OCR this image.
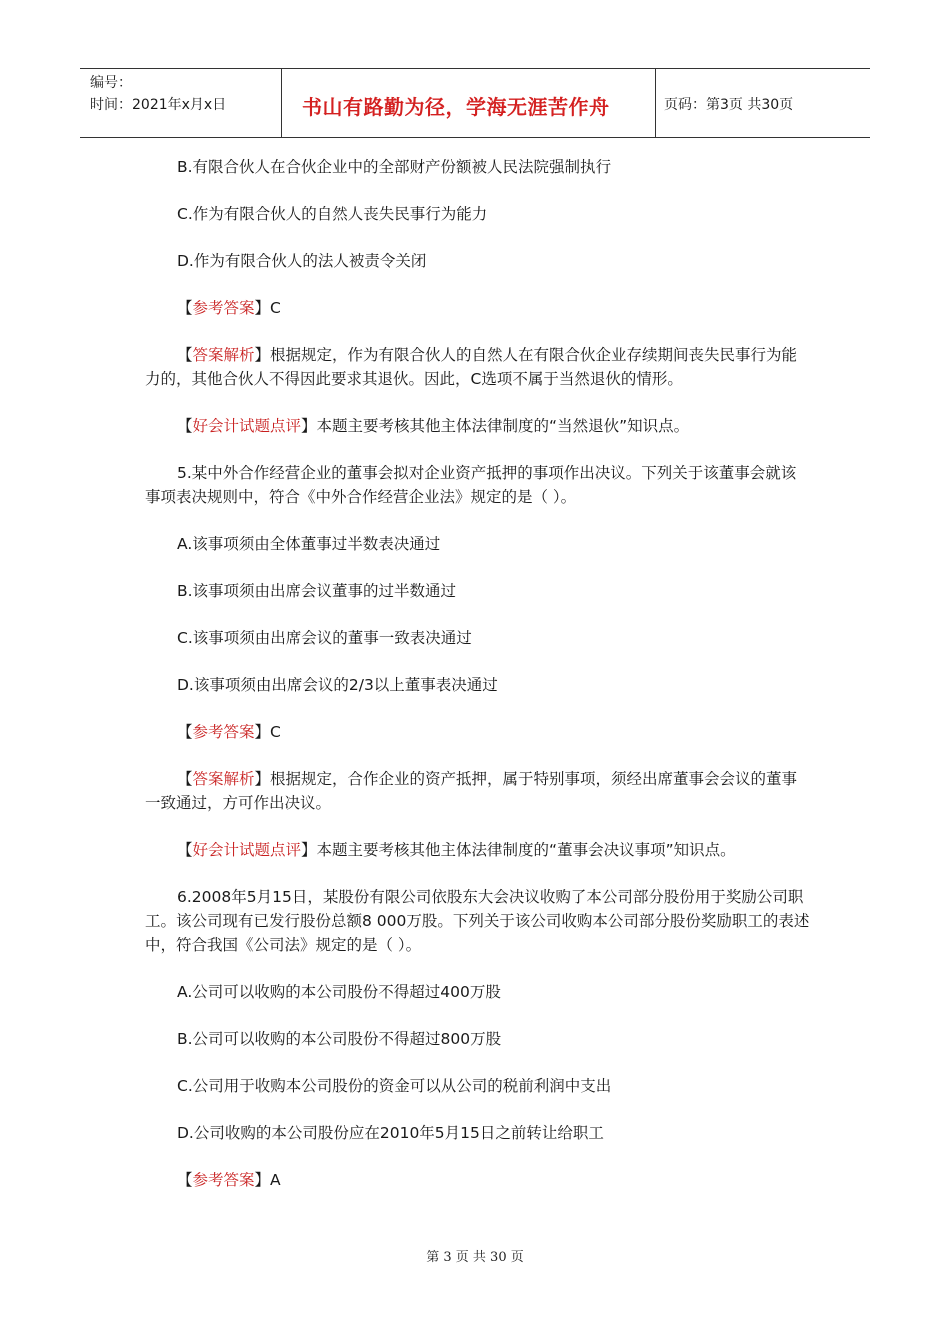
编号：
时间：2021年x月x日	书山有路勤为径，学海无涯苦作舟	页码：第3页 共30页
B.有限合伙人在合伙企业中的全部财产份额被人民法院强制执行
C.作为有限合伙人的自然人丧失民事行为能力
D.作为有限合伙人的法人被责令关闭
【参考答案】C
【答案解析】根据规定，作为有限合伙人的自然人在有限合伙企业存续期间丧失民事行为能力的，其他合伙人不得因此要求其退伙。因此，C选项不属于当然退伙的情形。
【好会计试题点评】本题主要考核其他主体法律制度的“当然退伙”知识点。
5.某中外合作经营企业的董事会拟对企业资产抵押的事项作出决议。下列关于该董事会就该事项表决规则中，符合《中外合作经营企业法》规定的是（ ）。
A.该事项须由全体董事过半数表决通过
B.该事项须由出席会议董事的过半数通过
C.该事项须由出席会议的董事一致表决通过
D.该事项须由出席会议的2/3以上董事表决通过
【参考答案】C
【答案解析】根据规定，合作企业的资产抵押，属于特别事项，须经出席董事会会议的董事一致通过，方可作出决议。
【好会计试题点评】本题主要考核其他主体法律制度的“董事会决议事项”知识点。
6.2008年5月15日，某股份有限公司依股东大会决议收购了本公司部分股份用于奖励公司职工。该公司现有已发行股份总额8 000万股。下列关于该公司收购本公司部分股份奖励职工的表述中，符合我国《公司法》规定的是（ ）。
A.公司可以收购的本公司股份不得超过400万股
B.公司可以收购的本公司股份不得超过800万股
C.公司用于收购本公司股份的资金可以从公司的税前利润中支出
D.公司收购的本公司股份应在2010年5月15日之前转让给职工
【参考答案】A
第 3 页 共 30 页
